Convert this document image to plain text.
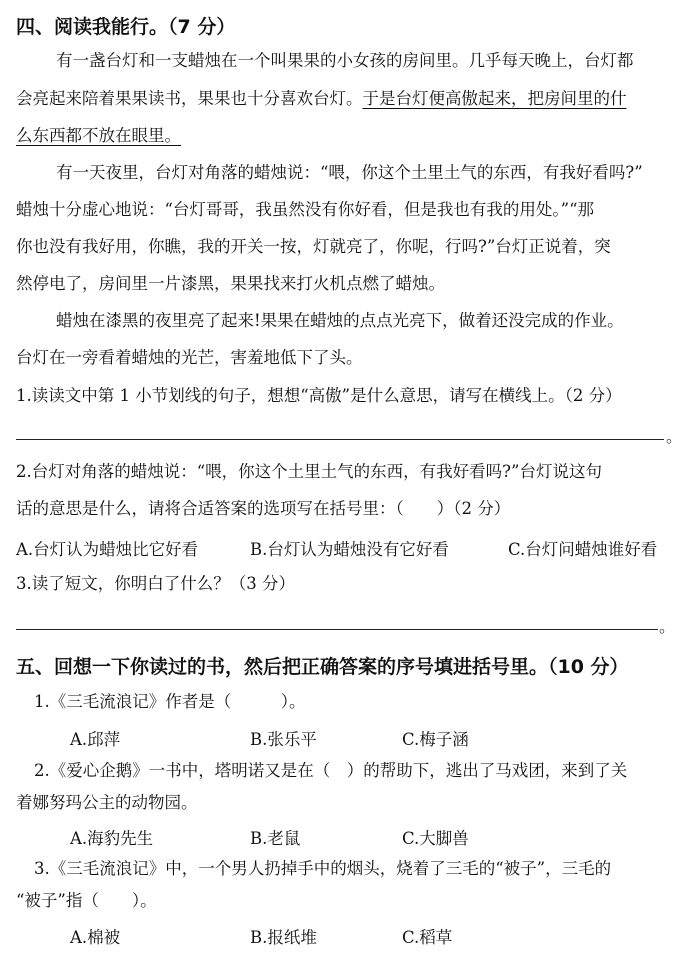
四、阅读我能行。（7 分）
有一盏台灯和一支蜡烛在一个叫果果的小女孩的房间里。几乎每天晚上，台灯都
会亮起来陪着果果读书，果果也十分喜欢台灯。于是台灯便高傲起来，把房间里的什
么东西都不放在眼里。
有一天夜里，台灯对角落的蜡烛说：“喂，你这个土里土气的东西，有我好看吗?”
蜡烛十分虚心地说：“台灯哥哥，我虽然没有你好看，但是我也有我的用处。”“那
你也没有我好用，你瞧，我的开关一按，灯就亮了，你呢，行吗?”台灯正说着，突
然停电了，房间里一片漆黑，果果找来打火机点燃了蜡烛。
蜡烛在漆黑的夜里亮了起来!果果在蜡烛的点点光亮下，做着还没完成的作业。
台灯在一旁看着蜡烛的光芒，害羞地低下了头。
1.读读文中第 1 小节划线的句子，想想“高傲”是什么意思，请写在横线上。（2 分）
。
2.台灯对角落的蜡烛说：“喂，你这个土里土气的东西，有我好看吗?”台灯说这句
话的意思是什么，请将合适答案的选项写在括号里：（　　）（2 分）
A.台灯认为蜡烛比它好看	B.台灯认为蜡烛没有它好看	C.台灯问蜡烛谁好看
3.读了短文，你明白了什么？（3 分）
。
五、回想一下你读过的书，然后把正确答案的序号填进括号里。（10 分）
1.《三毛流浪记》作者是（　　　）。
A.邱萍	B.张乐平	C.梅子涵
2.《爱心企鹅》一书中，塔明诺又是在（　）的帮助下，逃出了马戏团，来到了关
着娜努玛公主的动物园。
A.海豹先生	B.老鼠	C.大脚兽
3.《三毛流浪记》中，一个男人扔掉手中的烟头，烧着了三毛的“被子”，三毛的
“被子”指（　　）。
A.棉被	B.报纸堆	C.稻草
